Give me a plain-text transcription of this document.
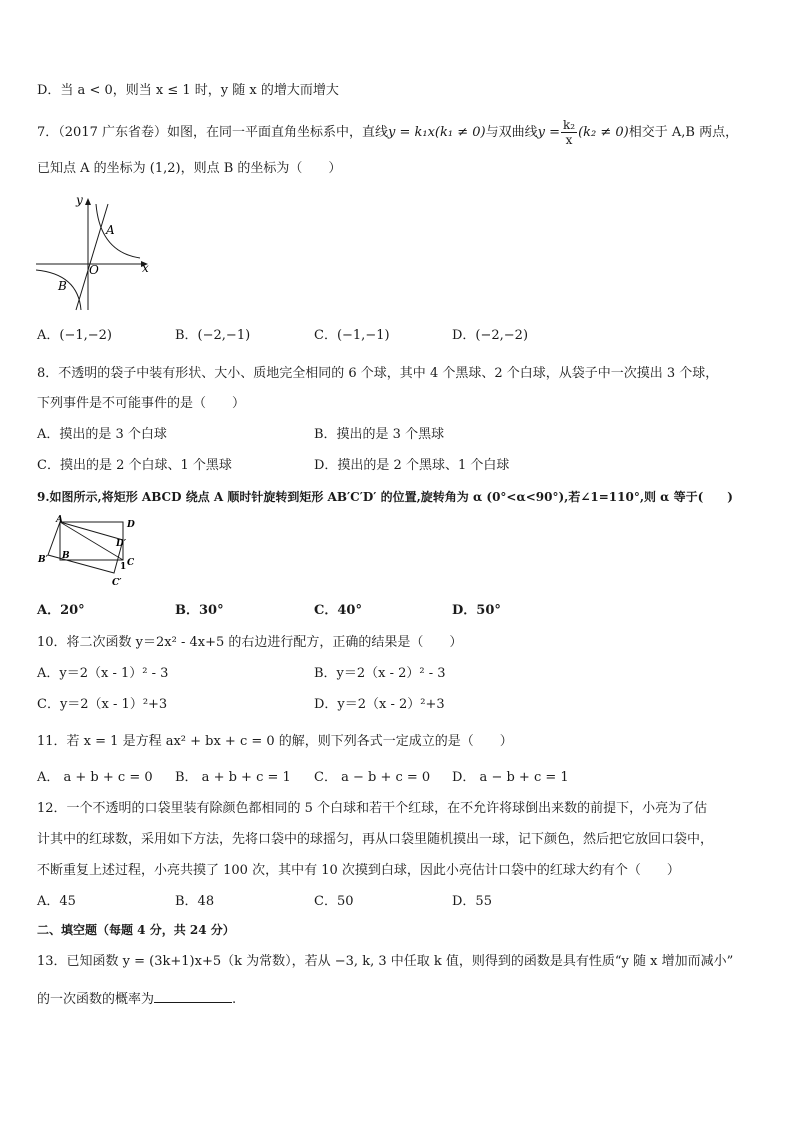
D．当 a < 0，则当 x ≤ 1 时，y 随 x 的增大而增大
7．（2017 广东省卷）如图，在同一平面直角坐标系中，直线y = k₁x(k₁ ≠ 0)与双曲线$y = \frac{\text{k₂}}{x} (k_2 \ne 0)$相交于 A,B 两点，
已知点 A 的坐标为 (1,2)，则点 B 的坐标为（　　）
y
x
O
A
B
A．(−1,−2)	B．(−2,−1)	C．(−1,−1)	D．(−2,−2)
8．不透明的袋子中装有形状、大小、质地完全相同的 6 个球，其中 4 个黑球、2 个白球，从袋子中一次摸出 3 个球，
下列事件是不可能事件的是（　　）
A．摸出的是 3 个白球	B．摸出的是 3 个黑球
C．摸出的是 2 个白球、1 个黑球	D．摸出的是 2 个黑球、1 个白球
9.如图所示,将矩形 ABCD 绕点 A 顺时针旋转到矩形 AB′C′D′ 的位置,旋转角为 α (0°<α<90°),若∠1=110°,则 α 等于(　　)
A	D
B
C
B′
C′
D′
1
A．20°	B．30°	C．40°	D．50°
10．将二次函数 y＝2x² - 4x+5 的右边进行配方，正确的结果是（　　）
A．y＝2（x - 1）² - 3	B．y＝2（x - 2）² - 3
C．y＝2（x - 1）²+3	D．y＝2（x - 2）²+3
11．若 x = 1 是方程 ax² + bx + c = 0 的解，则下列各式一定成立的是（　　）
A． a + b + c = 0 B． a + b + c = 1 C． a − b + c = 0 D． a − b + c = 1
12．一个不透明的口袋里装有除颜色都相同的 5 个白球和若干个红球，在不允许将球倒出来数的前提下，小亮为了估
计其中的红球数，采用如下方法，先将口袋中的球摇匀，再从口袋里随机摸出一球，记下颜色，然后把它放回口袋中，
不断重复上述过程，小亮共摸了 100 次，其中有 10 次摸到白球，因此小亮估计口袋中的红球大约有个（　　）
A．45	B．48	C．50	D．55
二、填空题（每题 4 分，共 24 分）
13．已知函数 y = (3k+1)x+5（k 为常数），若从 −3, k, 3 中任取 k 值，则得到的函数是具有性质“y 随 x 增加而减小”
的一次函数的概率为	.
